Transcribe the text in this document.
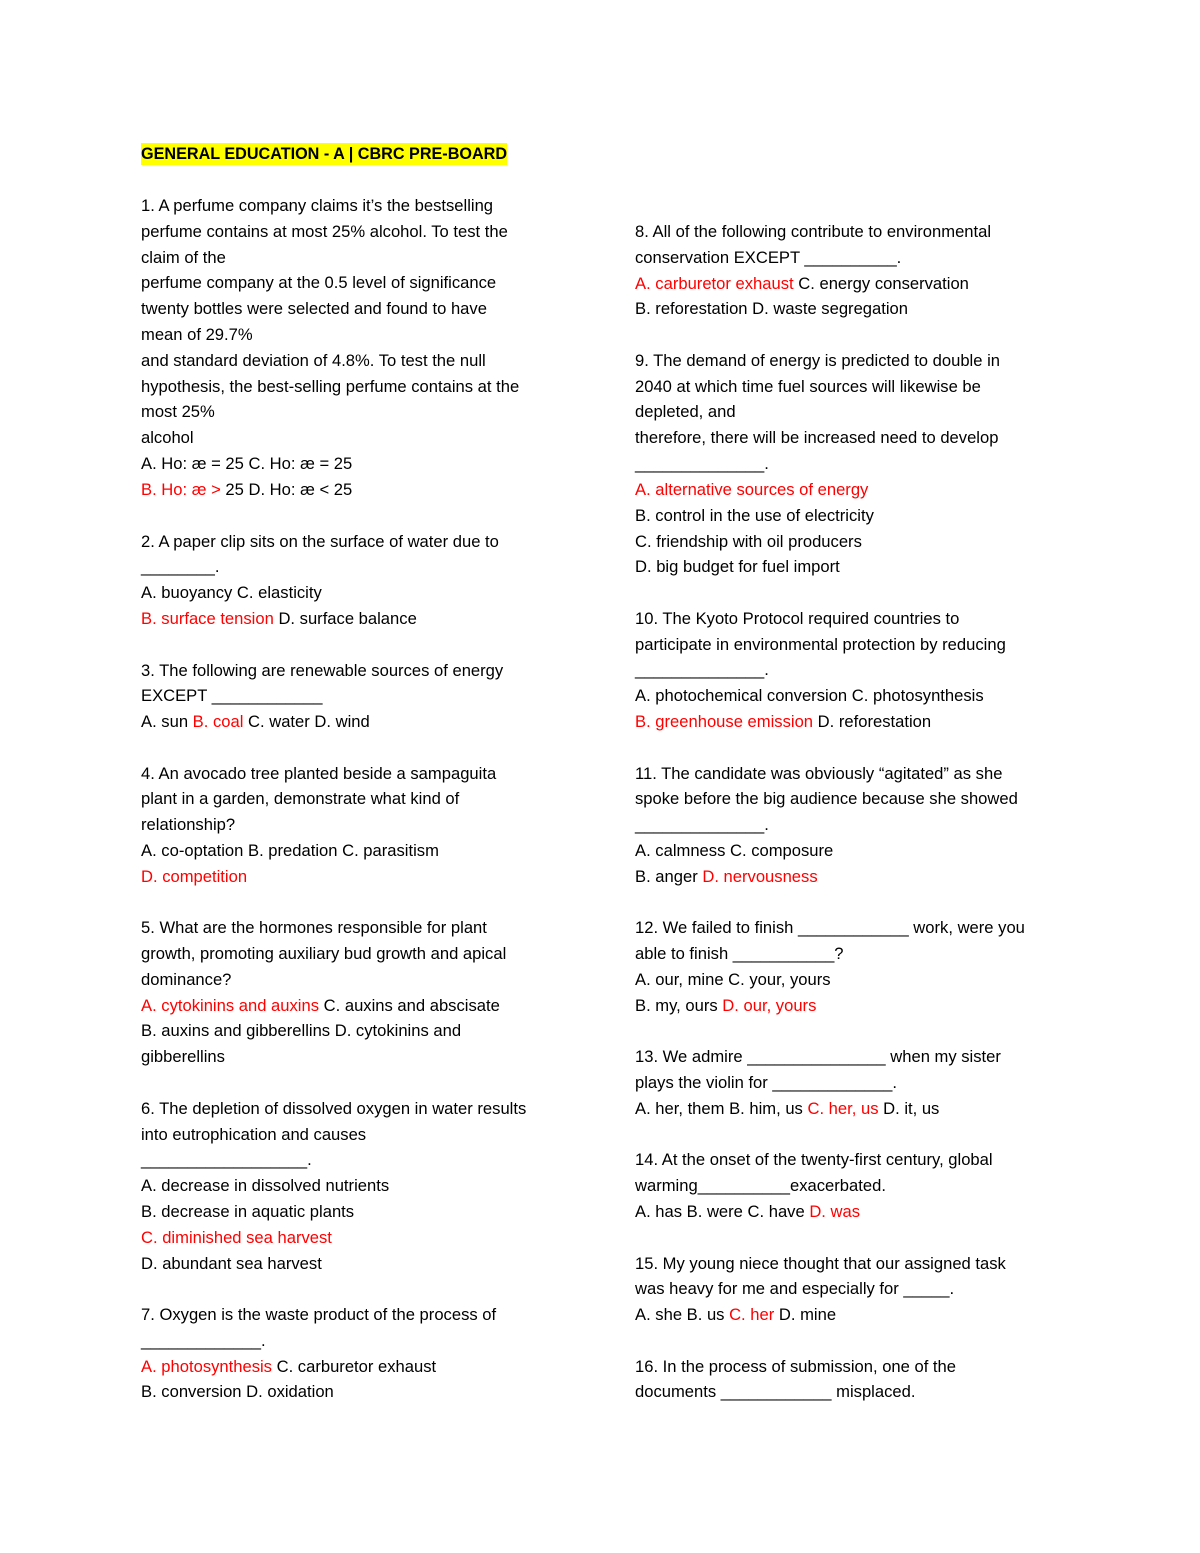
GENERAL EDUCATION - A | CBRC PRE-BOARD
1. A perfume company claims it’s the bestselling
perfume contains at most 25% alcohol. To test the
claim of the
perfume company at the 0.5 level of significance
twenty bottles were selected and found to have
mean of 29.7%
and standard deviation of 4.8%. To test the null
hypothesis, the best-selling perfume contains at the
most 25%
alcohol
A. Ho: æ = 25 C. Ho: æ = 25
B. Ho: æ > 25 D. Ho: æ < 25
2. A paper clip sits on the surface of water due to
________.
A. buoyancy C. elasticity
B. surface tension D. surface balance
3. The following are renewable sources of energy
EXCEPT ____________
A. sun B. coal C. water D. wind
4. An avocado tree planted beside a sampaguita
plant in a garden, demonstrate what kind of
relationship?
A. co-optation B. predation C. parasitism
D. competition
5. What are the hormones responsible for plant
growth, promoting auxiliary bud growth and apical
dominance?
A. cytokinins and auxins C. auxins and abscisate
B. auxins and gibberellins D. cytokinins and
gibberellins
6. The depletion of dissolved oxygen in water results
into eutrophication and causes
__________________.
A. decrease in dissolved nutrients
B. decrease in aquatic plants
C. diminished sea harvest
D. abundant sea harvest
7. Oxygen is the waste product of the process of
_____________.
A. photosynthesis C. carburetor exhaust
B. conversion D. oxidation
8. All of the following contribute to environmental
conservation EXCEPT __________.
A. carburetor exhaust C. energy conservation
B. reforestation D. waste segregation
9. The demand of energy is predicted to double in
2040 at which time fuel sources will likewise be
depleted, and
therefore, there will be increased need to develop
______________.
A. alternative sources of energy
B. control in the use of electricity
C. friendship with oil producers
D. big budget for fuel import
10. The Kyoto Protocol required countries to
participate in environmental protection by reducing
______________.
A. photochemical conversion C. photosynthesis
B. greenhouse emission D. reforestation
11. The candidate was obviously “agitated” as she
spoke before the big audience because she showed
______________.
A. calmness C. composure
B. anger D. nervousness
12. We failed to finish ____________ work, were you
able to finish ___________?
A. our, mine C. your, yours
B. my, ours D. our, yours
13. We admire _______________ when my sister
plays the violin for _____________.
A. her, them B. him, us C. her, us D. it, us
14. At the onset of the twenty-first century, global
warming__________exacerbated.
A. has B. were C. have D. was
15. My young niece thought that our assigned task
was heavy for me and especially for _____.
A. she B. us C. her D. mine
16. In the process of submission, one of the
documents ____________ misplaced.
